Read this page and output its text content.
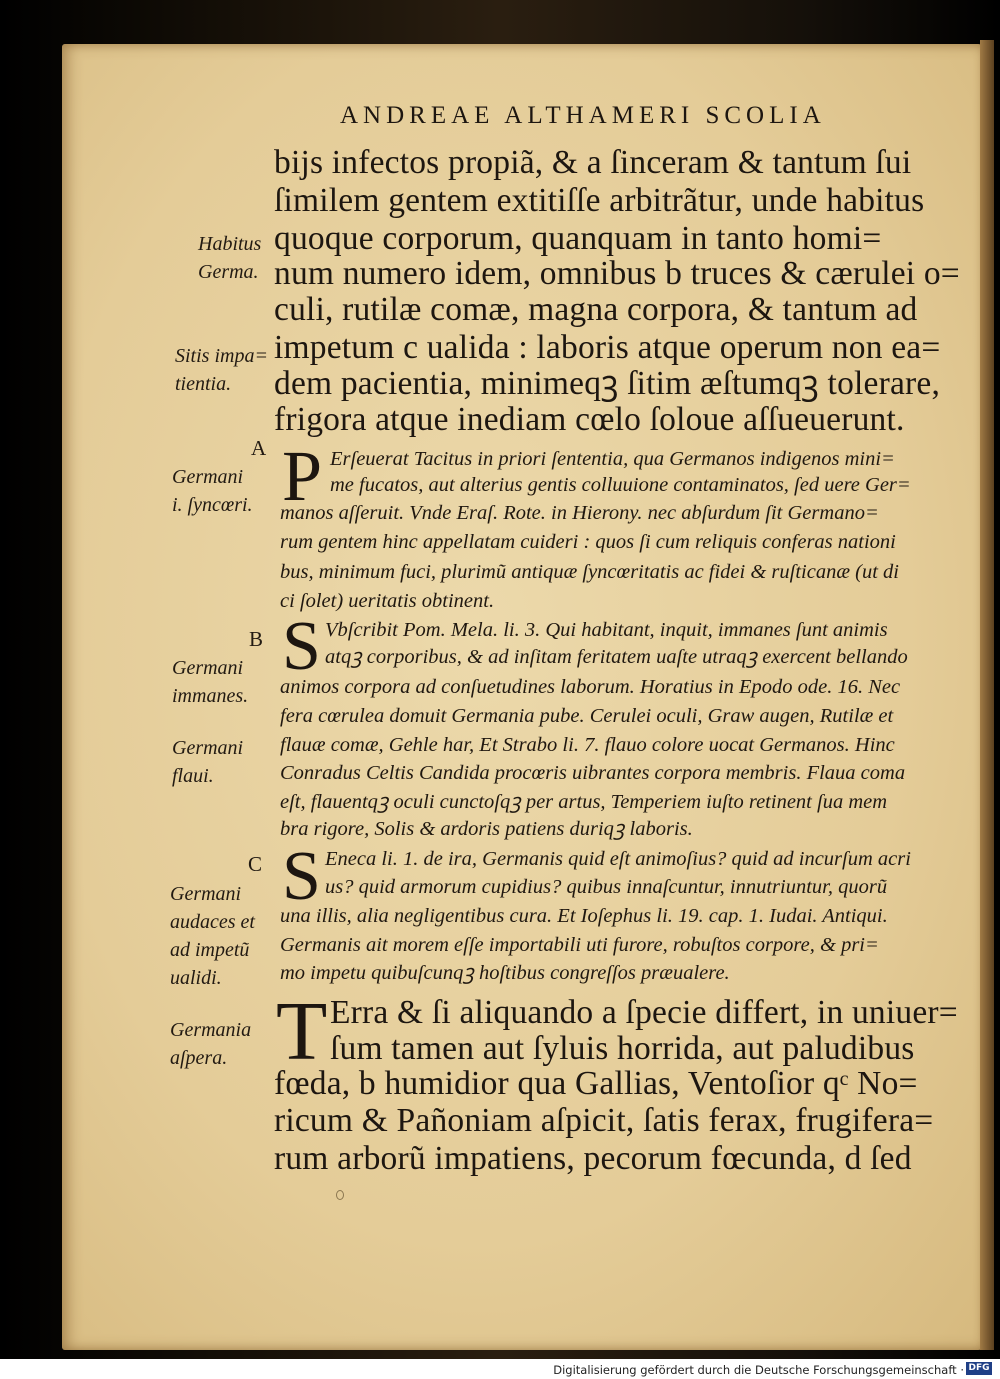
ANDREAE ALTHAMERI SCOLIA
bijs infectos propiã, & a ſinceram & tantum ſui
ſimilem gentem extitiſſe arbitrãtur, unde habitus
quoque corporum, quanquam in tanto homi=
num numero idem, omnibus b truces & cærulei o=
culi, rutilæ comæ, magna corpora, & tantum ad
impetum c ualida : laboris atque operum non ea=
dem pacientia, minimeqꝫ ſitim æſtumqꝫ tolerare,
frigora atque inediam cœlo ſoloue aſſueuerunt.
P Erſeuerat Tacitus in priori ſententia, qua Germanos indigenos mini=
me fucatos, aut alterius gentis colluuione contaminatos, ſed uere Ger=
manos aſſeruit. Vnde Eraſ. Rote. in Hierony. nec abſurdum ſit Germano=
rum gentem hinc appellatam cuideri : quos ſi cum reliquis conferas nationi
bus, minimum fuci, plurimũ antiquæ ſyncœritatis ac fidei & ruſticanæ (ut di
ci ſolet) ueritatis obtinent.
S Vbſcribit Pom. Mela. li. 3. Qui habitant, inquit, immanes ſunt animis
atqꝫ corporibus, & ad inſitam feritatem uaſte utraqꝫ exercent bellando
animos corpora ad conſuetudines laborum. Horatius in Epodo ode. 16. Nec
fera cœrulea domuit Germania pube. Cerulei oculi, Graw augen, Rutilæ et
flauæ comæ, Gehle har, Et Strabo li. 7. flauo colore uocat Germanos. Hinc
Conradus Celtis Candida procœris uibrantes corpora membris. Flaua coma
eſt, flauentqꝫ oculi cunctoſqꝫ per artus, Temperiem iuſto retinent ſua mem
bra rigore, Solis & ardoris patiens duriqꝫ laboris.
S Eneca li. 1. de ira, Germanis quid eſt animoſius? quid ad incurſum acri
us? quid armorum cupidius? quibus innaſcuntur, innutriuntur, quorũ
una illis, alia negligentibus cura. Et Ioſephus li. 19. cap. 1. Iudai. Antiqui.
Germanis ait morem eſſe importabili uti furore, robuſtos corpore, & pri=
mo impetu quibuſcunqꝫ hoſtibus congreſſos præualere.
T Erra & ſi aliquando a ſpecie differt, in uniuer=
ſum tamen aut ſyluis horrida, aut paludibus
fœda, b humidior qua Gallias, Ventoſior qᶜ No=
ricum & Pañoniam aſpicit, ſatis ferax, frugifera=
rum arborũ impatiens, pecorum fœcunda, d ſed
Habitus
Germa.
Sitis impa=
tientia.
A
Germani
i. ſyncœri.
B
Germani
immanes.
Germani
flaui.
C
Germani
audaces et
ad impetũ
ualidi.
Germania
aſpera.
Digitalisierung gefördert durch die Deutsche Forschungsgemeinschaft · DFG
